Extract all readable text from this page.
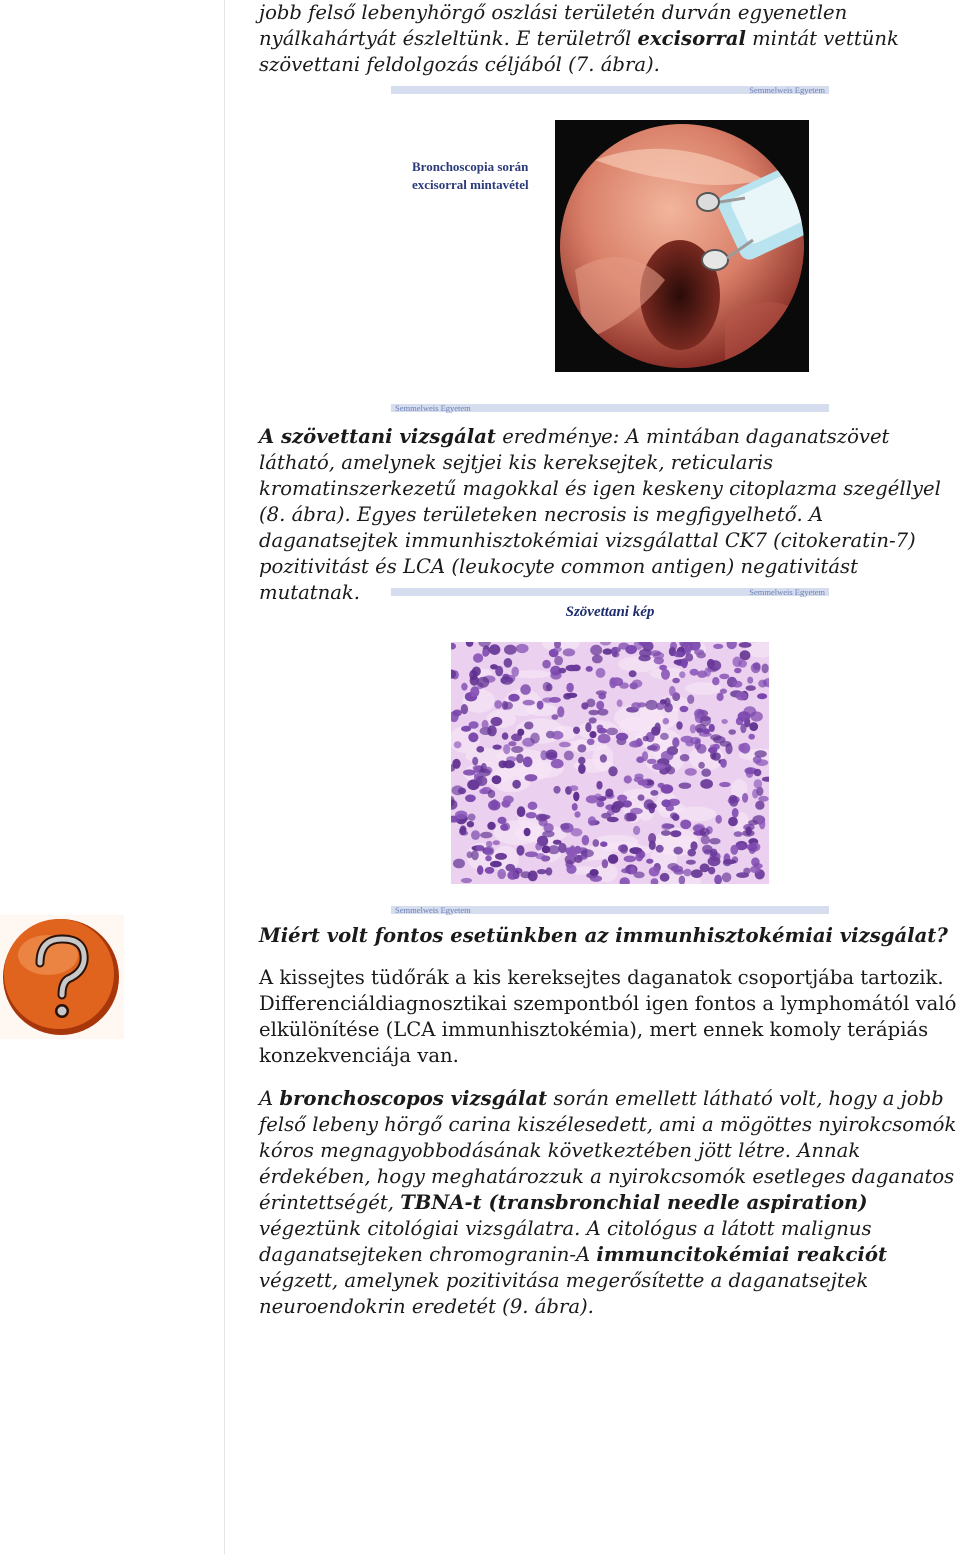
jobb felső lebenyhörgő oszlási területén durván egyenetlen
nyálkahártyát észleltünk. E területről excisorral mintát vettünk
szövettani feldolgozás céljából (7. ábra).
Semmelweis Egyetem
Bronchoscopia során excisorral mintavétel
Semmelweis Egyetem
A szövettani vizsgálat eredménye: A mintában daganatszövet látható, amelynek sejtjei kis kereksejtek, reticularis kromatinszerkezetű magokkal és igen keskeny citoplazma szegéllyel (8. ábra). Egyes területeken necrosis is megfigyelhető. A daganatsejtek immunhisztokémiai vizsgálattal CK7 (citokeratin-7) pozitivitást és LCA (leukocyte common antigen) negativitást mutatnak.	Semmelweis Egyetem
Szövettani kép
Semmelweis Egyetem
Miért volt fontos esetünkben az immunhisztokémiai vizsgálat?
A kissejtes tüdőrák a kis kereksejtes daganatok csoportjába tartozik. Differenciáldiagnosztikai szempontból igen fontos a lymphomától való elkülönítése (LCA immunhisztokémia), mert ennek komoly terápiás konzekvenciája van.
A bronchoscopos vizsgálat során emellett látható volt, hogy a jobb felső lebeny hörgő carina kiszélesedett, ami a mögöttes nyirokcsomók kóros megnagyobbodásának következtében jött létre. Annak érdekében, hogy meghatározzuk a nyirokcsomók esetleges daganatos érintettségét, TBNA-t (transbronchial needle aspiration) végeztünk citológiai vizsgálatra. A citológus a látott malignus daganatsejteken chromogranin-A immuncitokémiai reakciót végzett, amelynek pozitivitása megerősítette a daganatsejtek neuroendokrin eredetét (9. ábra).
